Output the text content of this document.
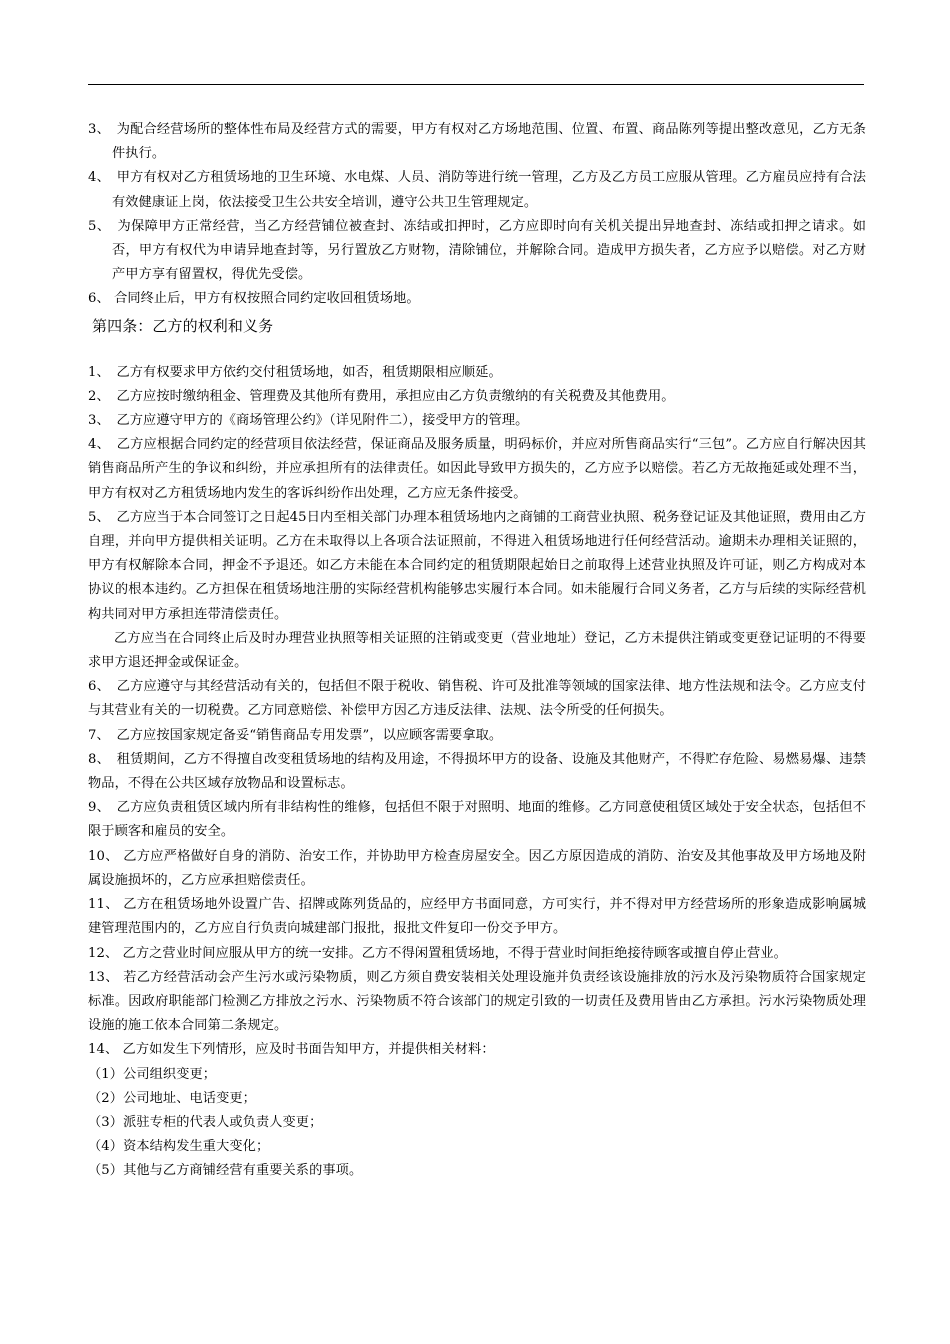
3、　为配合经营场所的整体性布局及经营方式的需要，甲方有权对乙方场地范围、位置、布置、商品陈列等提出整改意见，乙方无条件执行。

4、　甲方有权对乙方租赁场地的卫生环境、水电煤、人员、消防等进行统一管理，乙方及乙方员工应服从管理。乙方雇员应持有合法有效健康证上岗，依法接受卫生公共安全培训，遵守公共卫生管理规定。

5、　为保障甲方正常经营，当乙方经营铺位被查封、冻结或扣押时，乙方应即时向有关机关提出异地查封、冻结或扣押之请求。如否，甲方有权代为申请异地查封等，另行置放乙方财物，清除铺位，并解除合同。造成甲方损失者，乙方应予以赔偿。对乙方财产甲方享有留置权，得优先受偿。

6、 合同终止后，甲方有权按照合同约定收回租赁场地。

第四条：乙方的权利和义务

1、　乙方有权要求甲方依约交付租赁场地，如否，租赁期限相应顺延。

2、　乙方应按时缴纳租金、管理费及其他所有费用，承担应由乙方负责缴纳的有关税费及其他费用。

3、　乙方应遵守甲方的《商场管理公约》（详见附件二），接受甲方的管理。

4、　乙方应根据合同约定的经营项目依法经营，保证商品及服务质量，明码标价，并应对所售商品实行“三包”。乙方应自行解决因其销售商品所产生的争议和纠纷，并应承担所有的法律责任。如因此导致甲方损失的，乙方应予以赔偿。若乙方无故拖延或处理不当，甲方有权对乙方租赁场地内发生的客诉纠纷作出处理，乙方应无条件接受。

5、　乙方应当于本合同签订之日起45日内至相关部门办理本租赁场地内之商铺的工商营业执照、税务登记证及其他证照，费用由乙方自理，并向甲方提供相关证明。乙方在未取得以上各项合法证照前，不得进入租赁场地进行任何经营活动。逾期未办理相关证照的，甲方有权解除本合同，押金不予退还。如乙方未能在本合同约定的租赁期限起始日之前取得上述营业执照及许可证，则乙方构成对本协议的根本违约。乙方担保在租赁场地注册的实际经营机构能够忠实履行本合同。如未能履行合同义务者，乙方与后续的实际经营机构共同对甲方承担连带清偿责任。

乙方应当在合同终止后及时办理营业执照等相关证照的注销或变更（营业地址）登记，乙方未提供注销或变更登记证明的不得要求甲方退还押金或保证金。

6、　乙方应遵守与其经营活动有关的，包括但不限于税收、销售税、许可及批准等领域的国家法律、地方性法规和法令。乙方应支付与其营业有关的一切税费。乙方同意赔偿、补偿甲方因乙方违反法律、法规、法令所受的任何损失。

7、　乙方应按国家规定备妥“销售商品专用发票”，以应顾客需要拿取。

8、　租赁期间，乙方不得擅自改变租赁场地的结构及用途，不得损坏甲方的设备、设施及其他财产，不得贮存危险、易燃易爆、违禁物品，不得在公共区域存放物品和设置标志。

9、　乙方应负责租赁区域内所有非结构性的维修，包括但不限于对照明、地面的维修。乙方同意使租赁区域处于安全状态，包括但不限于顾客和雇员的安全。

10、 乙方应严格做好自身的消防、治安工作，并协助甲方检查房屋安全。因乙方原因造成的消防、治安及其他事故及甲方场地及附属设施损坏的，乙方应承担赔偿责任。

11、 乙方在租赁场地外设置广告、招牌或陈列货品的，应经甲方书面同意，方可实行，并不得对甲方经营场所的形象造成影响属城建管理范围内的，乙方应自行负责向城建部门报批，报批文件复印一份交予甲方。

12、 乙方之营业时间应服从甲方的统一安排。乙方不得闲置租赁场地，不得于营业时间拒绝接待顾客或擅自停止营业。

13、 若乙方经营活动会产生污水或污染物质，则乙方须自费安装相关处理设施并负责经该设施排放的污水及污染物质符合国家规定标准。因政府职能部门检测乙方排放之污水、污染物质不符合该部门的规定引致的一切责任及费用皆由乙方承担。污水污染物质处理设施的施工依本合同第二条规定。

14、 乙方如发生下列情形，应及时书面告知甲方，并提供相关材料：

（1）公司组织变更；

（2）公司地址、电话变更；

（3）派驻专柜的代表人或负责人变更；

（4）资本结构发生重大变化；

（5）其他与乙方商铺经营有重要关系的事项。
